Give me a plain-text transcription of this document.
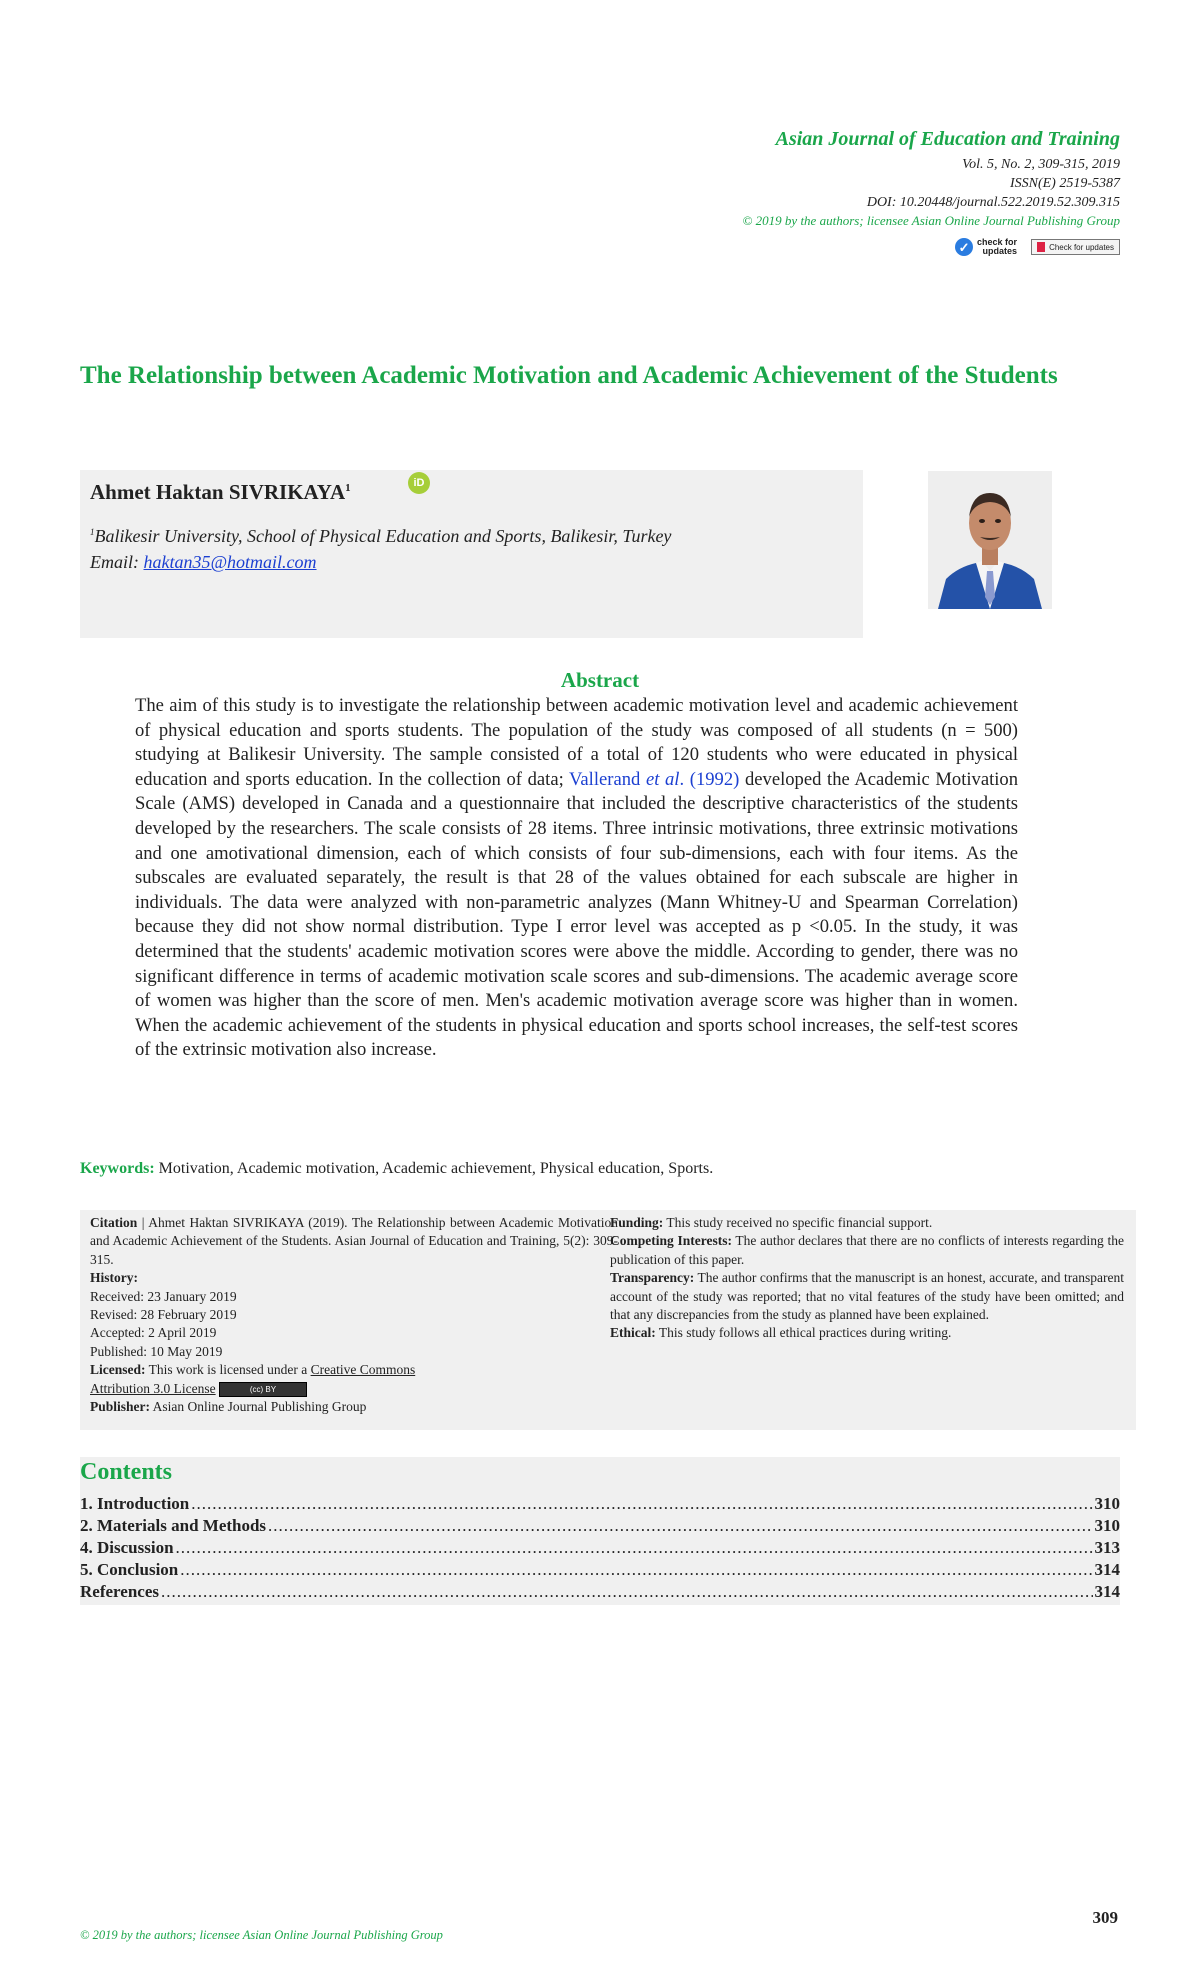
Asian Journal of Education and Training
Vol. 5, No. 2, 309-315, 2019
ISSN(E) 2519-5387
DOI: 10.20448/journal.522.2019.52.309.315
© 2019 by the authors; licensee Asian Online Journal Publishing Group
✓ check for
updates	Check for updates
The Relationship between Academic Motivation and Academic Achievement of the Students
Ahmet Haktan SIVRIKAYA$^1$	iD
$^1$Balikesir University, School of Physical Education and Sports, Balikesir, Turkey
Email: haktan35@hotmail.com
Abstract
The aim of this study is to investigate the relationship between academic motivation level and academic achievement of physical education and sports students. The population of the study was composed of all students (n = 500) studying at Balikesir University. The sample consisted of a total of 120 students who were educated in physical education and sports education. In the collection of data; Vallerand et al. (1992) developed the Academic Motivation Scale (AMS) developed in Canada and a questionnaire that included the descriptive characteristics of the students developed by the researchers. The scale consists of 28 items. Three intrinsic motivations, three extrinsic motivations and one amotivational dimension, each of which consists of four sub-dimensions, each with four items. As the subscales are evaluated separately, the result is that 28 of the values obtained for each subscale are higher in individuals. The data were analyzed with non-parametric analyzes (Mann Whitney-U and Spearman Correlation) because they did not show normal distribution. Type I error level was accepted as p <0.05. In the study, it was determined that the students' academic motivation scores were above the middle. According to gender, there was no significant difference in terms of academic motivation scale scores and sub-dimensions. The academic average score of women was higher than the score of men. Men's academic motivation average score was higher than in women. When the academic achievement of the students in physical education and sports school increases, the self-test scores of the extrinsic motivation also increase.
Keywords: Motivation, Academic motivation, Academic achievement, Physical education, Sports.
Citation | Ahmet Haktan SIVRIKAYA (2019). The Relationship between Academic Motivation and Academic Achievement of the Students. Asian Journal of Education and Training, 5(2): 309-315.
History:
Received: 23 January 2019
Revised: 28 February 2019
Accepted: 2 April 2019
Published: 10 May 2019
Licensed: This work is licensed under a Creative Commons
Attribution 3.0 License	(cc) BY
Publisher: Asian Online Journal Publishing Group
Funding: This study received no specific financial support.
Competing Interests: The author declares that there are no conflicts of interests regarding the publication of this paper.
Transparency: The author confirms that the manuscript is an honest, accurate, and transparent account of the study was reported; that no vital features of the study have been omitted; and that any discrepancies from the study as planned have been explained.
Ethical: This study follows all ethical practices during writing.
Contents
1. Introduction .....	310
2. Materials and Methods .....	310
4. Discussion .....	313
5. Conclusion .....	314
References .....	314
309
© 2019 by the authors; licensee Asian Online Journal Publishing Group
